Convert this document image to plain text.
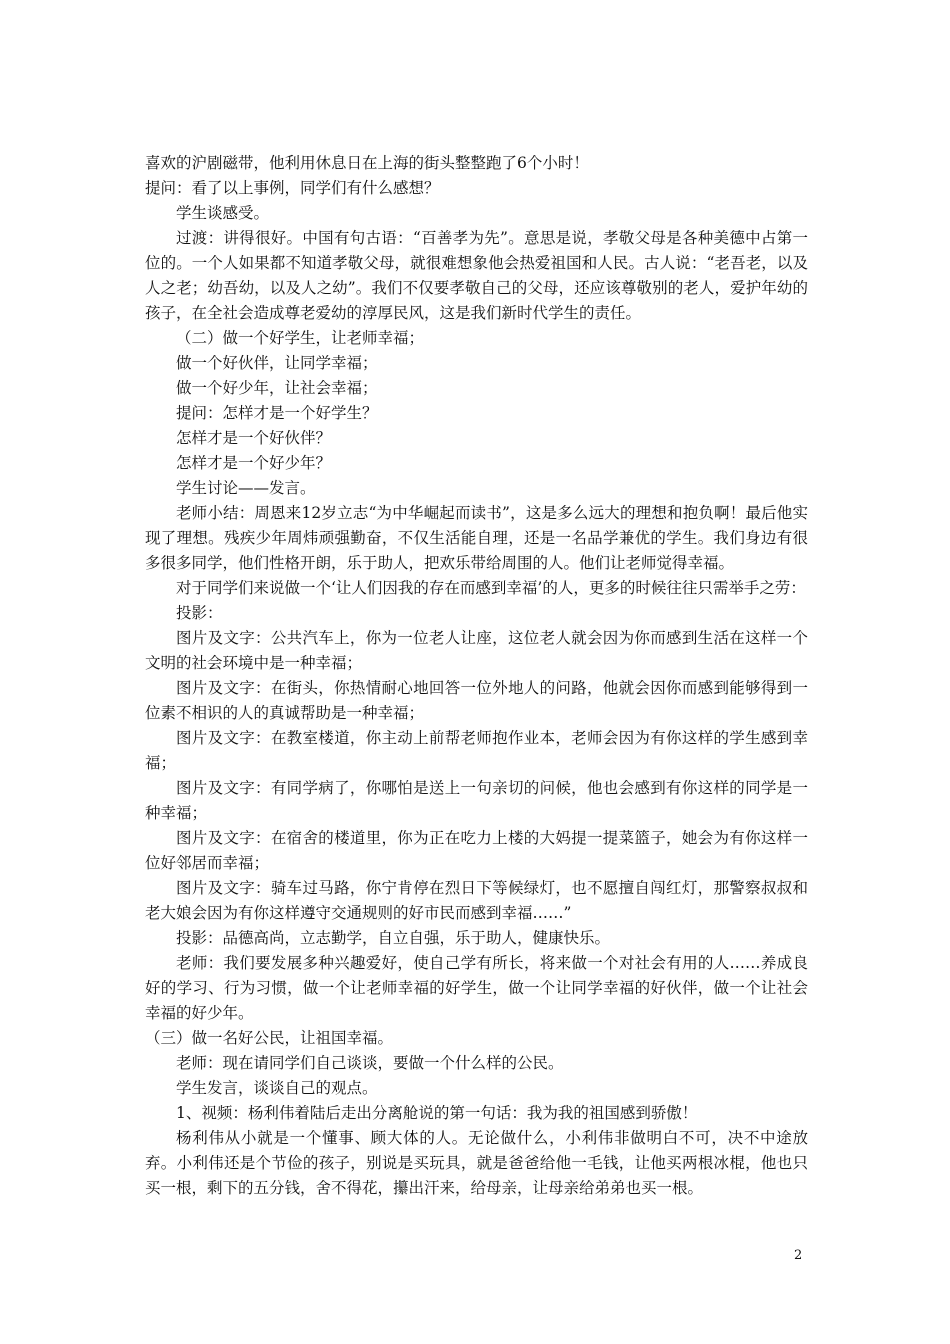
喜欢的沪剧磁带，他利用休息日在上海的街头整整跑了6个小时！

提问：看了以上事例，同学们有什么感想？

学生谈感受。

过渡：讲得很好。中国有句古语：“百善孝为先”。意思是说，孝敬父母是各种美德中占第一位的。一个人如果都不知道孝敬父母，就很难想象他会热爱祖国和人民。古人说：“老吾老，以及人之老；幼吾幼，以及人之幼”。我们不仅要孝敬自己的父母，还应该尊敬别的老人，爱护年幼的孩子，在全社会造成尊老爱幼的淳厚民风，这是我们新时代学生的责任。

（二）做一个好学生，让老师幸福；

做一个好伙伴，让同学幸福；

做一个好少年，让社会幸福；

提问：怎样才是一个好学生？

怎样才是一个好伙伴？

怎样才是一个好少年？

学生讨论——发言。

老师小结：周恩来12岁立志“为中华崛起而读书”，这是多么远大的理想和抱负啊！最后他实现了理想。残疾少年周炜顽强勤奋，不仅生活能自理，还是一名品学兼优的学生。我们身边有很多很多同学，他们性格开朗，乐于助人，把欢乐带给周围的人。他们让老师觉得幸福。

对于同学们来说做一个‘让人们因我的存在而感到幸福’的人，更多的时候往往只需举手之劳：

投影：

图片及文字：公共汽车上，你为一位老人让座，这位老人就会因为你而感到生活在这样一个文明的社会环境中是一种幸福；

图片及文字：在街头，你热情耐心地回答一位外地人的问路，他就会因你而感到能够得到一位素不相识的人的真诚帮助是一种幸福；

图片及文字：在教室楼道，你主动上前帮老师抱作业本，老师会因为有你这样的学生感到幸福；

图片及文字：有同学病了，你哪怕是送上一句亲切的问候，他也会感到有你这样的同学是一种幸福；

图片及文字：在宿舍的楼道里，你为正在吃力上楼的大妈提一提菜篮子，她会为有你这样一位好邻居而幸福；

图片及文字：骑车过马路，你宁肯停在烈日下等候绿灯，也不愿擅自闯红灯，那警察叔叔和老大娘会因为有你这样遵守交通规则的好市民而感到幸福……”

投影：品德高尚，立志勤学，自立自强，乐于助人，健康快乐。

老师：我们要发展多种兴趣爱好，使自己学有所长，将来做一个对社会有用的人……养成良好的学习、行为习惯，做一个让老师幸福的好学生，做一个让同学幸福的好伙伴，做一个让社会幸福的好少年。

（三）做一名好公民，让祖国幸福。

老师：现在请同学们自己谈谈，要做一个什么样的公民。

学生发言，谈谈自己的观点。

1、视频：杨利伟着陆后走出分离舱说的第一句话：我为我的祖国感到骄傲！

杨利伟从小就是一个懂事、顾大体的人。无论做什么，小利伟非做明白不可，决不中途放弃。小利伟还是个节俭的孩子，别说是买玩具，就是爸爸给他一毛钱，让他买两根冰棍，他也只买一根，剩下的五分钱，舍不得花，攥出汗来，给母亲，让母亲给弟弟也买一根。

2
